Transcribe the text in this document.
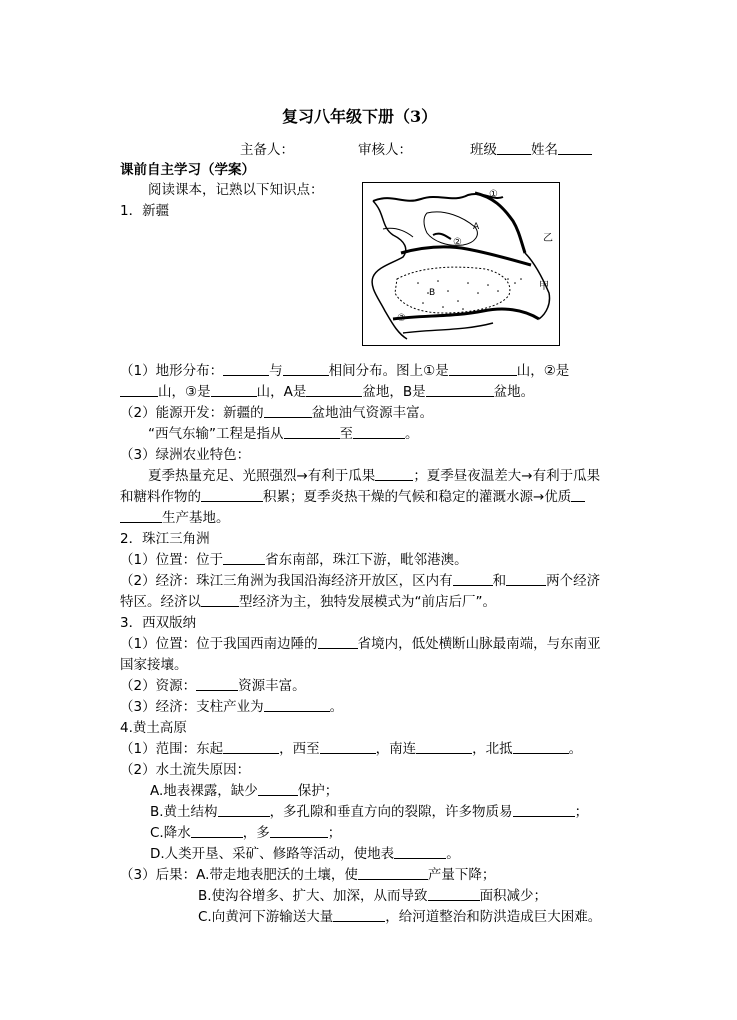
复习八年级下册（3）
主备人：	审核人：	班级	姓名
课前自主学习（学案）
阅读课本，记熟以下知识点：	①
②
③
A
B
乙
甲
1．新疆
（1）地形分布：	与	相间分布。图上①是	山，②是
山，③是	山，A是	盆地，B是	盆地。
（2）能源开发：新疆的	盆地油气资源丰富。
“西气东输”工程是指从	至	。
（3）绿洲农业特色：
夏季热量充足、光照强烈→有利于瓜果	；夏季昼夜温差大→有利于瓜果
和糖料作物的	积累；夏季炎热干燥的气候和稳定的灌溉水源→优质
生产基地。
2．珠江三角洲
（1）位置：位于	省东南部，珠江下游，毗邻港澳。
（2）经济：珠江三角洲为我国沿海经济开放区，区内有	和	两个经济
特区。经济以	型经济为主，独特发展模式为“前店后厂”。
3．西双版纳
（1）位置：位于我国西南边陲的	省境内，低处横断山脉最南端，与东南亚
国家接壤。
（2）资源：	资源丰富。
（3）经济：支柱产业为	。
4.黄土高原
（1）范围：东起	，西至	，南连	，北抵	。
（2）水土流失原因：
A.地表裸露，缺少	保护；
B.黄土结构	，多孔隙和垂直方向的裂隙，许多物质易	；
C.降水	，多	；
D.人类开垦、采矿、修路等活动，使地表	。
（3）后果：A.带走地表肥沃的土壤，使	产量下降；
B.使沟谷增多、扩大、加深，从而导致	面积减少；
C.向黄河下游输送大量	，给河道整治和防洪造成巨大困难。
